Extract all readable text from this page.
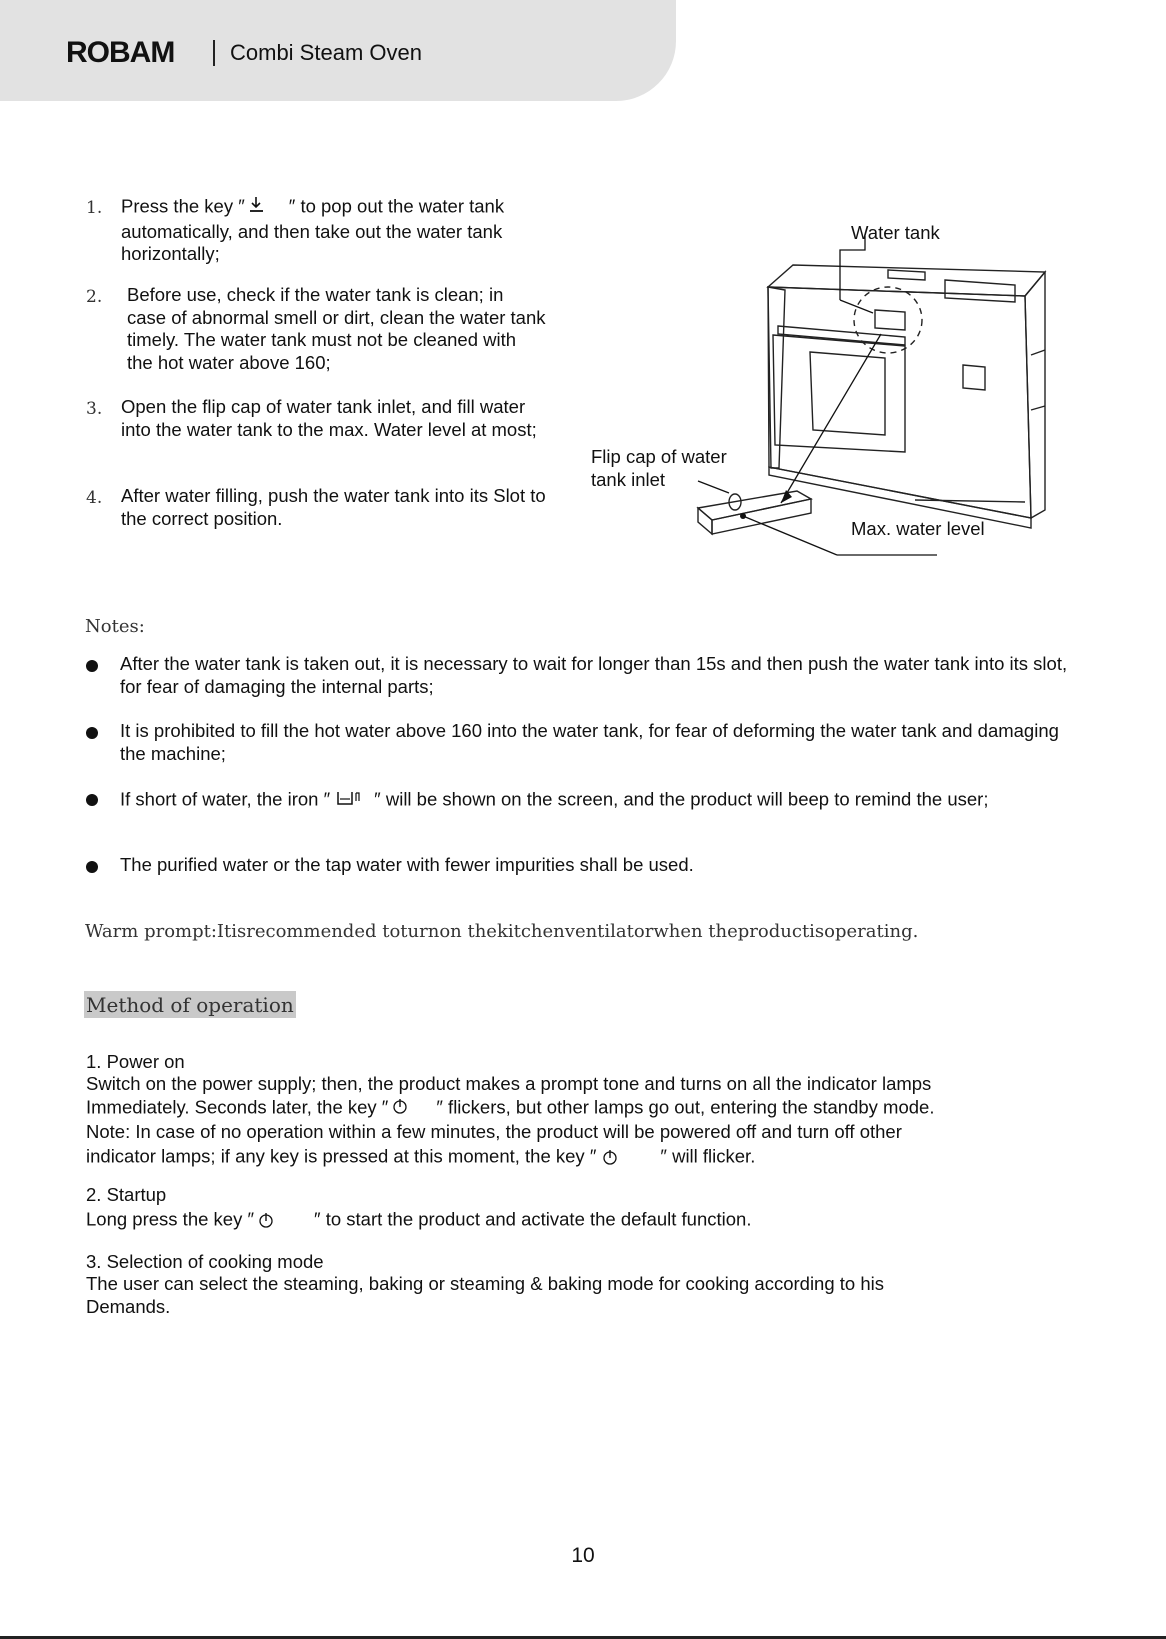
ROBAM	Combi Steam Oven
1. Press the key ″ ″ to pop out the water tank automatically, and then take out the water tank horizontally;
2.	Before use, check if the water tank is clean; in case of abnormal smell or dirt, clean the water tank timely. The water tank must not be cleaned with the hot water above 160;
3. Open the flip cap of water tank inlet, and fill water into the water tank to the max. Water level at most;
4. After water filling, push the water tank into its Slot to the correct position.
Water tank
Flip cap of water
tank inlet
Max. water level
Notes:
After the water tank is taken out, it is necessary to wait for longer than 15s and then push the water tank into its slot, for fear of damaging the internal parts;
It is prohibited to fill the hot water above 160 into the water tank, for fear of deforming the water tank and damaging the machine;
If short of water, the iron ″ ″ will be shown on the screen, and the product will beep to remind the user;
The purified water or the tap water with fewer impurities shall be used.
Warm prompt:Itisrecommended toturnon thekitchenventilatorwhen theproductisoperating.
Method of operation
1. Power on
Switch on the power supply; then, the product makes a prompt tone and turns on all the indicator lamps
Immediately. Seconds later, the key ″	″ flickers, but other lamps go out, entering the standby mode.
Note: In case of no operation within a few minutes, the product will be powered off and turn off other
indicator lamps; if any key is pressed at this moment, the key ″	″ will flicker.
2. Startup
Long press the key ″	″ to start the product and activate the default function.
3. Selection of cooking mode
The user can select the steaming, baking or steaming & baking mode for cooking according to his
Demands.
10
